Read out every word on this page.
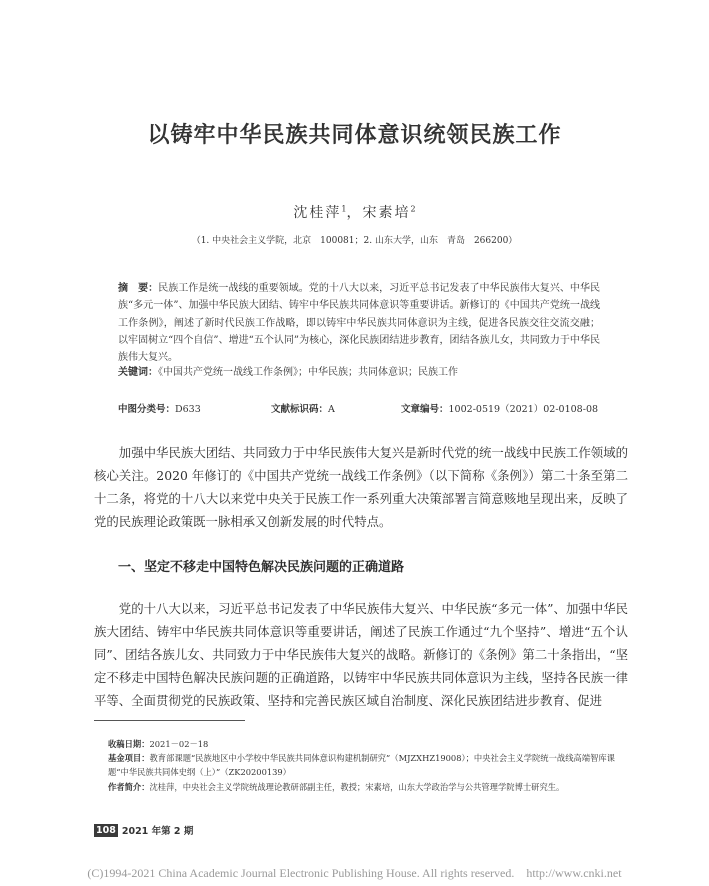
以铸牢中华民族共同体意识统领民族工作
沈桂萍$^1$，宋素培$^2$
（1. 中央社会主义学院，北京　100081；2. 山东大学，山东　青岛　266200）
摘　要：民族工作是统一战线的重要领域。党的十八大以来，习近平总书记发表了中华民族伟大复兴、中华民族“多元一体”、加强中华民族大团结、铸牢中华民族共同体意识等重要讲话。新修订的《中国共产党统一战线工作条例》，阐述了新时代民族工作战略，即以铸牢中华民族共同体意识为主线，促进各民族交往交流交融；以牢固树立“四个自信”、增进“五个认同”为核心，深化民族团结进步教育，团结各族儿女，共同致力于中华民族伟大复兴。
关键词：《中国共产党统一战线工作条例》；中华民族；共同体意识；民族工作
中图分类号：D633	文献标识码：A	文章编号：1002-0519（2021）02-0108-08

加强中华民族大团结、共同致力于中华民族伟大复兴是新时代党的统一战线中民族工作领域的核心关注。2020 年修订的《中国共产党统一战线工作条例》（以下简称《条例》）第二十条至第二十二条，将党的十八大以来党中央关于民族工作一系列重大决策部署言简意赅地呈现出来，反映了党的民族理论政策既一脉相承又创新发展的时代特点。

一、坚定不移走中国特色解决民族问题的正确道路

党的十八大以来，习近平总书记发表了中华民族伟大复兴、中华民族“多元一体”、加强中华民族大团结、铸牢中华民族共同体意识等重要讲话，阐述了民族工作通过“九个坚持”、增进“五个认同”、团结各族儿女、共同致力于中华民族伟大复兴的战略。新修订的《条例》第二十条指出，“坚定不移走中国特色解决民族问题的正确道路，以铸牢中华民族共同体意识为主线，坚持各民族一律平等、全面贯彻党的民族政策、坚持和完善民族区域自治制度、深化民族团结进步教育、促进

收稿日期：2021－02－18
基金项目：教育部课题“民族地区中小学校中华民族共同体意识构建机制研究”（MJZXHZ19008）；中央社会主义学院统一战线高端智库课题“中华民族共同体史纲（上）”（ZK20200139）
作者简介：沈桂萍，中央社会主义学院统战理论教研部副主任，教授；宋素培，山东大学政治学与公共管理学院博士研究生。
108 2021 年第 2 期
(C)1994-2021 China Academic Journal Electronic Publishing House. All rights reserved.　http://www.cnki.net
